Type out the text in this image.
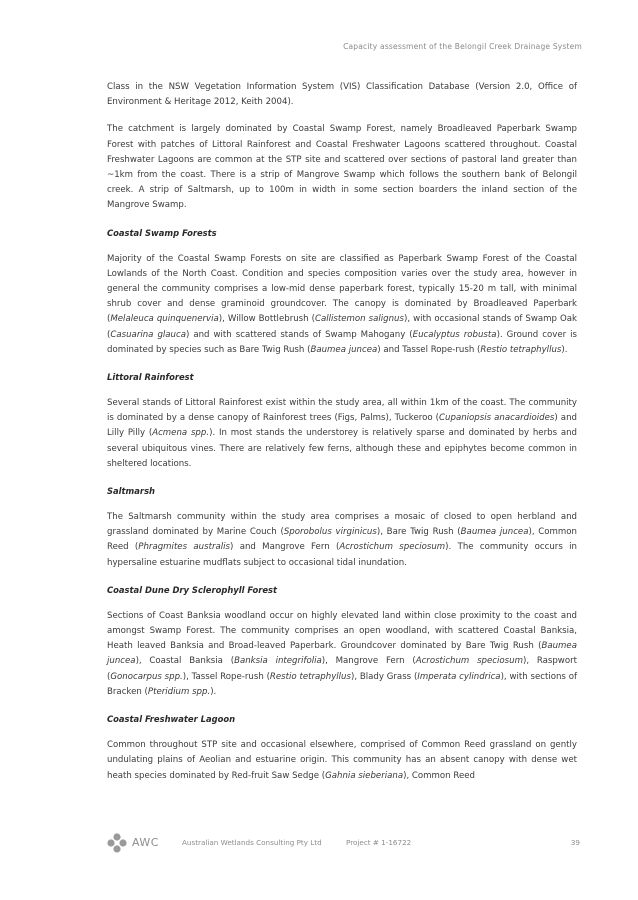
Capacity assessment of the Belongil Creek Drainage System

Class in the NSW Vegetation Information System (VIS) Classification Database (Version 2.0, Office of Environment & Heritage 2012, Keith 2004).

The catchment is largely dominated by Coastal Swamp Forest, namely Broadleaved Paperbark Swamp Forest with patches of Littoral Rainforest and Coastal Freshwater Lagoons scattered throughout. Coastal Freshwater Lagoons are common at the STP site and scattered over sections of pastoral land greater than ~1km from the coast. There is a strip of Mangrove Swamp which follows the southern bank of Belongil creek. A strip of Saltmarsh, up to 100m in width in some section boarders the inland section of the Mangrove Swamp.

Coastal Swamp Forests

Majority of the Coastal Swamp Forests on site are classified as Paperbark Swamp Forest of the Coastal Lowlands of the North Coast. Condition and species composition varies over the study area, however in general the community comprises a low-mid dense paperbark forest, typically 15-20 m tall, with minimal shrub cover and dense graminoid groundcover. The canopy is dominated by Broadleaved Paperbark (Melaleuca quinquenervia), Willow Bottlebrush (Callistemon salignus), with occasional stands of Swamp Oak (Casuarina glauca) and with scattered stands of Swamp Mahogany (Eucalyptus robusta). Ground cover is dominated by species such as Bare Twig Rush (Baumea juncea) and Tassel Rope-rush (Restio tetraphyllus).

Littoral Rainforest

Several stands of Littoral Rainforest exist within the study area, all within 1km of the coast. The community is dominated by a dense canopy of Rainforest trees (Figs, Palms), Tuckeroo (Cupaniopsis anacardioides) and Lilly Pilly (Acmena spp.). In most stands the understorey is relatively sparse and dominated by herbs and several ubiquitous vines. There are relatively few ferns, although these and epiphytes become common in sheltered locations.

Saltmarsh

The Saltmarsh community within the study area comprises a mosaic of closed to open herbland and grassland dominated by Marine Couch (Sporobolus virginicus), Bare Twig Rush (Baumea juncea), Common Reed (Phragmites australis) and Mangrove Fern (Acrostichum speciosum). The community occurs in hypersaline estuarine mudflats subject to occasional tidal inundation.

Coastal Dune Dry Sclerophyll Forest

Sections of Coast Banksia woodland occur on highly elevated land within close proximity to the coast and amongst Swamp Forest. The community comprises an open woodland, with scattered Coastal Banksia, Heath leaved Banksia and Broad-leaved Paperbark. Groundcover dominated by Bare Twig Rush (Baumea juncea), Coastal Banksia (Banksia integrifolia), Mangrove Fern (Acrostichum speciosum), Raspwort (Gonocarpus spp.), Tassel Rope-rush (Restio tetraphyllus), Blady Grass (Imperata cylindrica), with sections of Bracken (Pteridium spp.).

Coastal Freshwater Lagoon

Common throughout STP site and occasional elsewhere, comprised of Common Reed grassland on gently undulating plains of Aeolian and estuarine origin. This community has an absent canopy with dense wet heath species dominated by Red-fruit Saw Sedge (Gahnia sieberiana), Common Reed

AWC	Australian Wetlands Consulting Pty Ltd	Project # 1-16722	39
